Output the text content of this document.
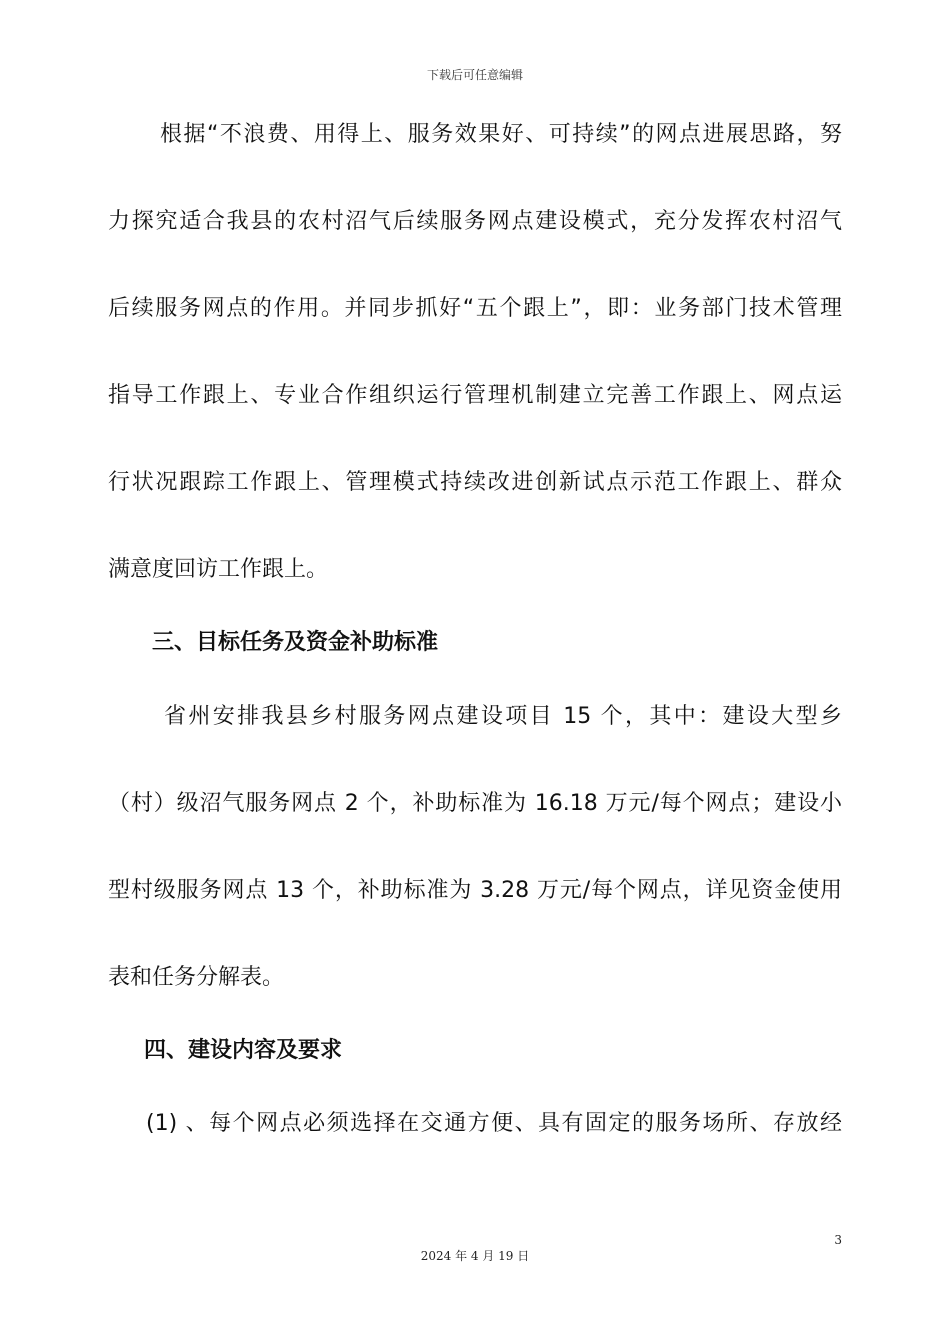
下载后可任意编辑
根据“不浪费、用得上、服务效果好、可持续”的网点进展思路，努
力探究适合我县的农村沼气后续服务网点建设模式，充分发挥农村沼气
后续服务网点的作用。并同步抓好“五个跟上”，即：业务部门技术管理
指导工作跟上、专业合作组织运行管理机制建立完善工作跟上、网点运
行状况跟踪工作跟上、管理模式持续改进创新试点示范工作跟上、群众
满意度回访工作跟上。
三、目标任务及资金补助标准
省州安排我县乡村服务网点建设项目 15 个，其中：建设大型乡
（村）级沼气服务网点 2 个，补助标准为 16.18 万元/每个网点；建设小
型村级服务网点 13 个，补助标准为 3.28 万元/每个网点，详见资金使用
表和任务分解表。
四、建设内容及要求
(1) 、每个网点必须选择在交通方便、具有固定的服务场所、存放经
3
2024 年 4 月 19 日
